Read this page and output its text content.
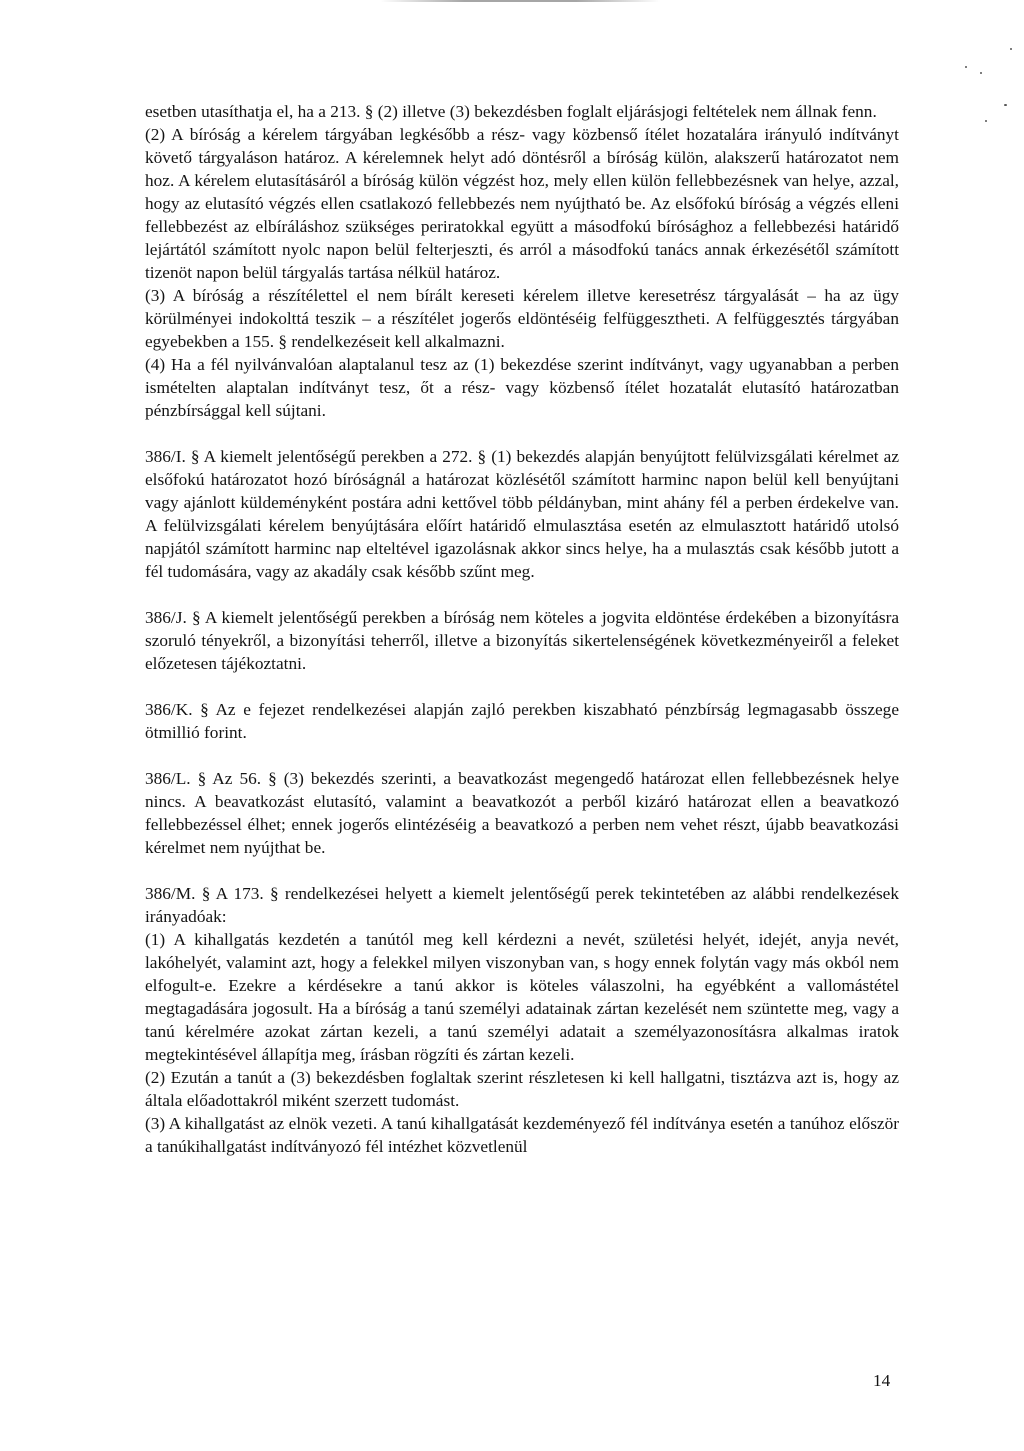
esetben utasíthatja el, ha a 213. § (2) illetve (3) bekezdésben foglalt eljárásjogi feltételek nem állnak fenn.

(2) A bíróság a kérelem tárgyában legkésőbb a rész- vagy közbenső ítélet hozatalára irányuló indítványt követő tárgyaláson határoz. A kérelemnek helyt adó döntésről a bíróság külön, alakszerű határozatot nem hoz. A kérelem elutasításáról a bíróság külön végzést hoz, mely ellen külön fellebbezésnek van helye, azzal, hogy az elutasító végzés ellen csatlakozó fellebbezés nem nyújtható be. Az elsőfokú bíróság a végzés elleni fellebbezést az elbíráláshoz szükséges periratokkal együtt a másodfokú bírósághoz a fellebbezési határidő lejártától számított nyolc napon belül felterjeszti, és arról a másodfokú tanács annak érkezésétől számított tizenöt napon belül tárgyalás tartása nélkül határoz.

(3) A bíróság a részítélettel el nem bírált kereseti kérelem illetve keresetrész tárgyalását – ha az ügy körülményei indokolttá teszik – a részítélet jogerős eldöntéséig felfüggesztheti. A felfüggesztés tárgyában egyebekben a 155. § rendelkezéseit kell alkalmazni.

(4) Ha a fél nyilvánvalóan alaptalanul tesz az (1) bekezdése szerint indítványt, vagy ugyanabban a perben ismételten alaptalan indítványt tesz, őt a rész- vagy közbenső ítélet hozatalát elutasító határozatban pénzbírsággal kell sújtani.

386/I. § A kiemelt jelentőségű perekben a 272. § (1) bekezdés alapján benyújtott felülvizsgálati kérelmet az elsőfokú határozatot hozó bíróságnál a határozat közlésétől számított harminc napon belül kell benyújtani vagy ajánlott küldeményként postára adni kettővel több példányban, mint ahány fél a perben érdekelve van. A felülvizsgálati kérelem benyújtására előírt határidő elmulasztása esetén az elmulasztott határidő utolsó napjától számított harminc nap elteltével igazolásnak akkor sincs helye, ha a mulasztás csak később jutott a fél tudomására, vagy az akadály csak később szűnt meg.

386/J. § A kiemelt jelentőségű perekben a bíróság nem köteles a jogvita eldöntése érdekében a bizonyításra szoruló tényekről, a bizonyítási teherről, illetve a bizonyítás sikertelenségének következményeiről a feleket előzetesen tájékoztatni.

386/K. § Az e fejezet rendelkezései alapján zajló perekben kiszabható pénzbírság legmagasabb összege ötmillió forint.

386/L. § Az 56. § (3) bekezdés szerinti, a beavatkozást megengedő határozat ellen fellebbezésnek helye nincs. A beavatkozást elutasító, valamint a beavatkozót a perből kizáró határozat ellen a beavatkozó fellebbezéssel élhet; ennek jogerős elintézéséig a beavatkozó a perben nem vehet részt, újabb beavatkozási kérelmet nem nyújthat be.

386/M. § A 173. § rendelkezései helyett a kiemelt jelentőségű perek tekintetében az alábbi rendelkezések irányadóak:

(1) A kihallgatás kezdetén a tanútól meg kell kérdezni a nevét, születési helyét, idejét, anyja nevét, lakóhelyét, valamint azt, hogy a felekkel milyen viszonyban van, s hogy ennek folytán vagy más okból nem elfogult-e. Ezekre a kérdésekre a tanú akkor is köteles válaszolni, ha egyébként a vallomástétel megtagadására jogosult. Ha a bíróság a tanú személyi adatainak zártan kezelését nem szüntette meg, vagy a tanú kérelmére azokat zártan kezeli, a tanú személyi adatait a személyazonosításra alkalmas iratok megtekintésével állapítja meg, írásban rögzíti és zártan kezeli.

(2) Ezután a tanút a (3) bekezdésben foglaltak szerint részletesen ki kell hallgatni, tisztázva azt is, hogy az általa előadottakról miként szerzett tudomást.

(3) A kihallgatást az elnök vezeti. A tanú kihallgatását kezdeményező fél indítványa esetén a tanúhoz először a tanúkihallgatást indítványozó fél intézhet közvetlenül

14
